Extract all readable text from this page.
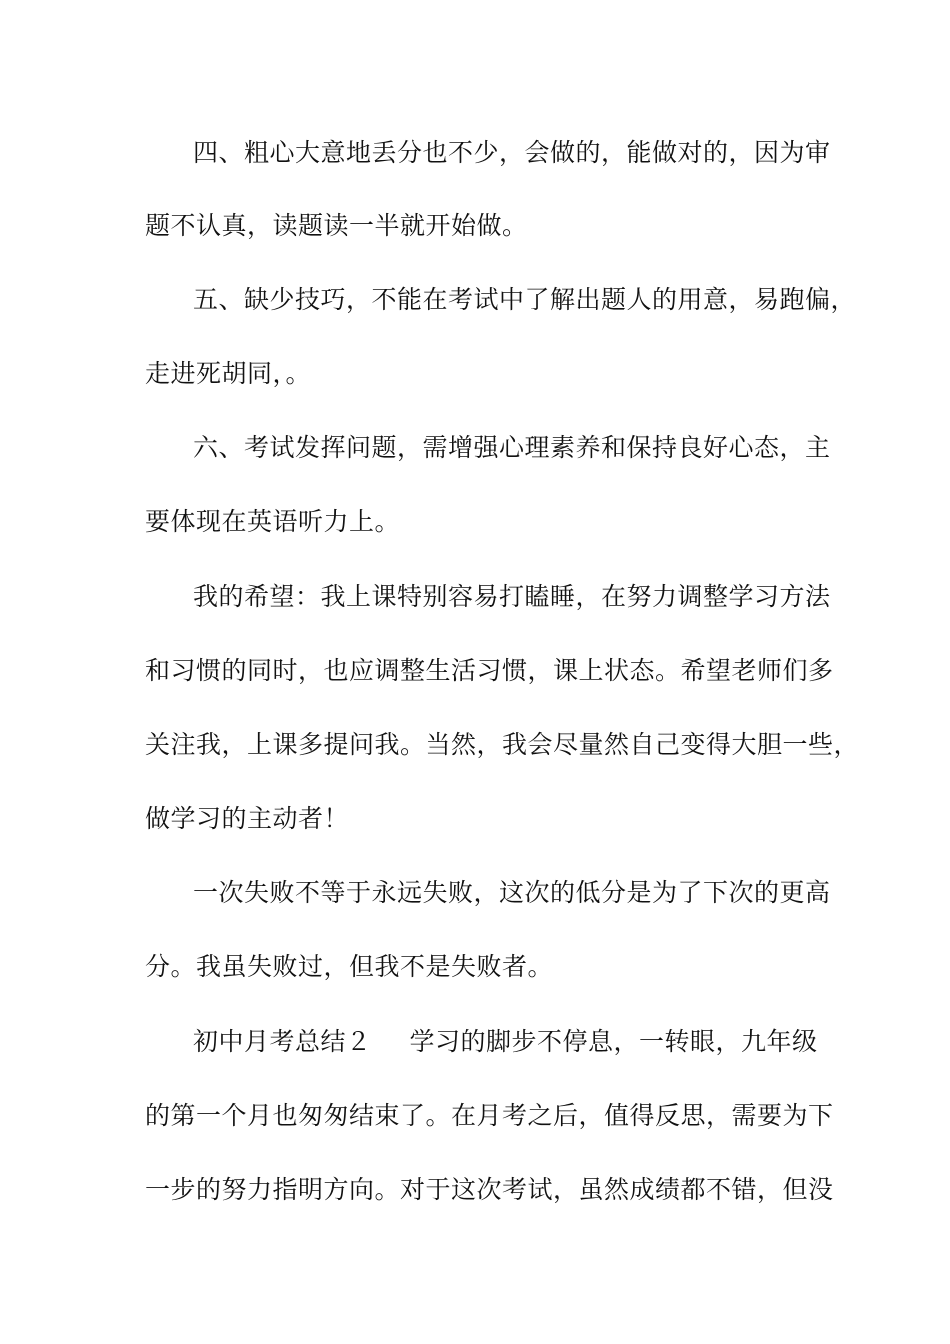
四、粗心大意地丢分也不少，会做的，能做对的，因为审
题不认真，读题读一半就开始做。
五、缺少技巧，不能在考试中了解出题人的用意，易跑偏，
走进死胡同，。
六、考试发挥问题，需增强心理素养和保持良好心态，主
要体现在英语听力上。
我的希望：我上课特别容易打瞌睡，在努力调整学习方法
和习惯的同时，也应调整生活习惯，课上状态。希望老师们多
关注我，上课多提问我。当然，我会尽量然自己变得大胆一些，
做学习的主动者！
一次失败不等于永远失败，这次的低分是为了下次的更高
分。我虽失败过，但我不是失败者。
初中月考总结２ 学习的脚步不停息，一转眼，九年级
的第一个月也匆匆结束了。在月考之后，值得反思，需要为下
一步的努力指明方向。对于这次考试，虽然成绩都不错，但没
